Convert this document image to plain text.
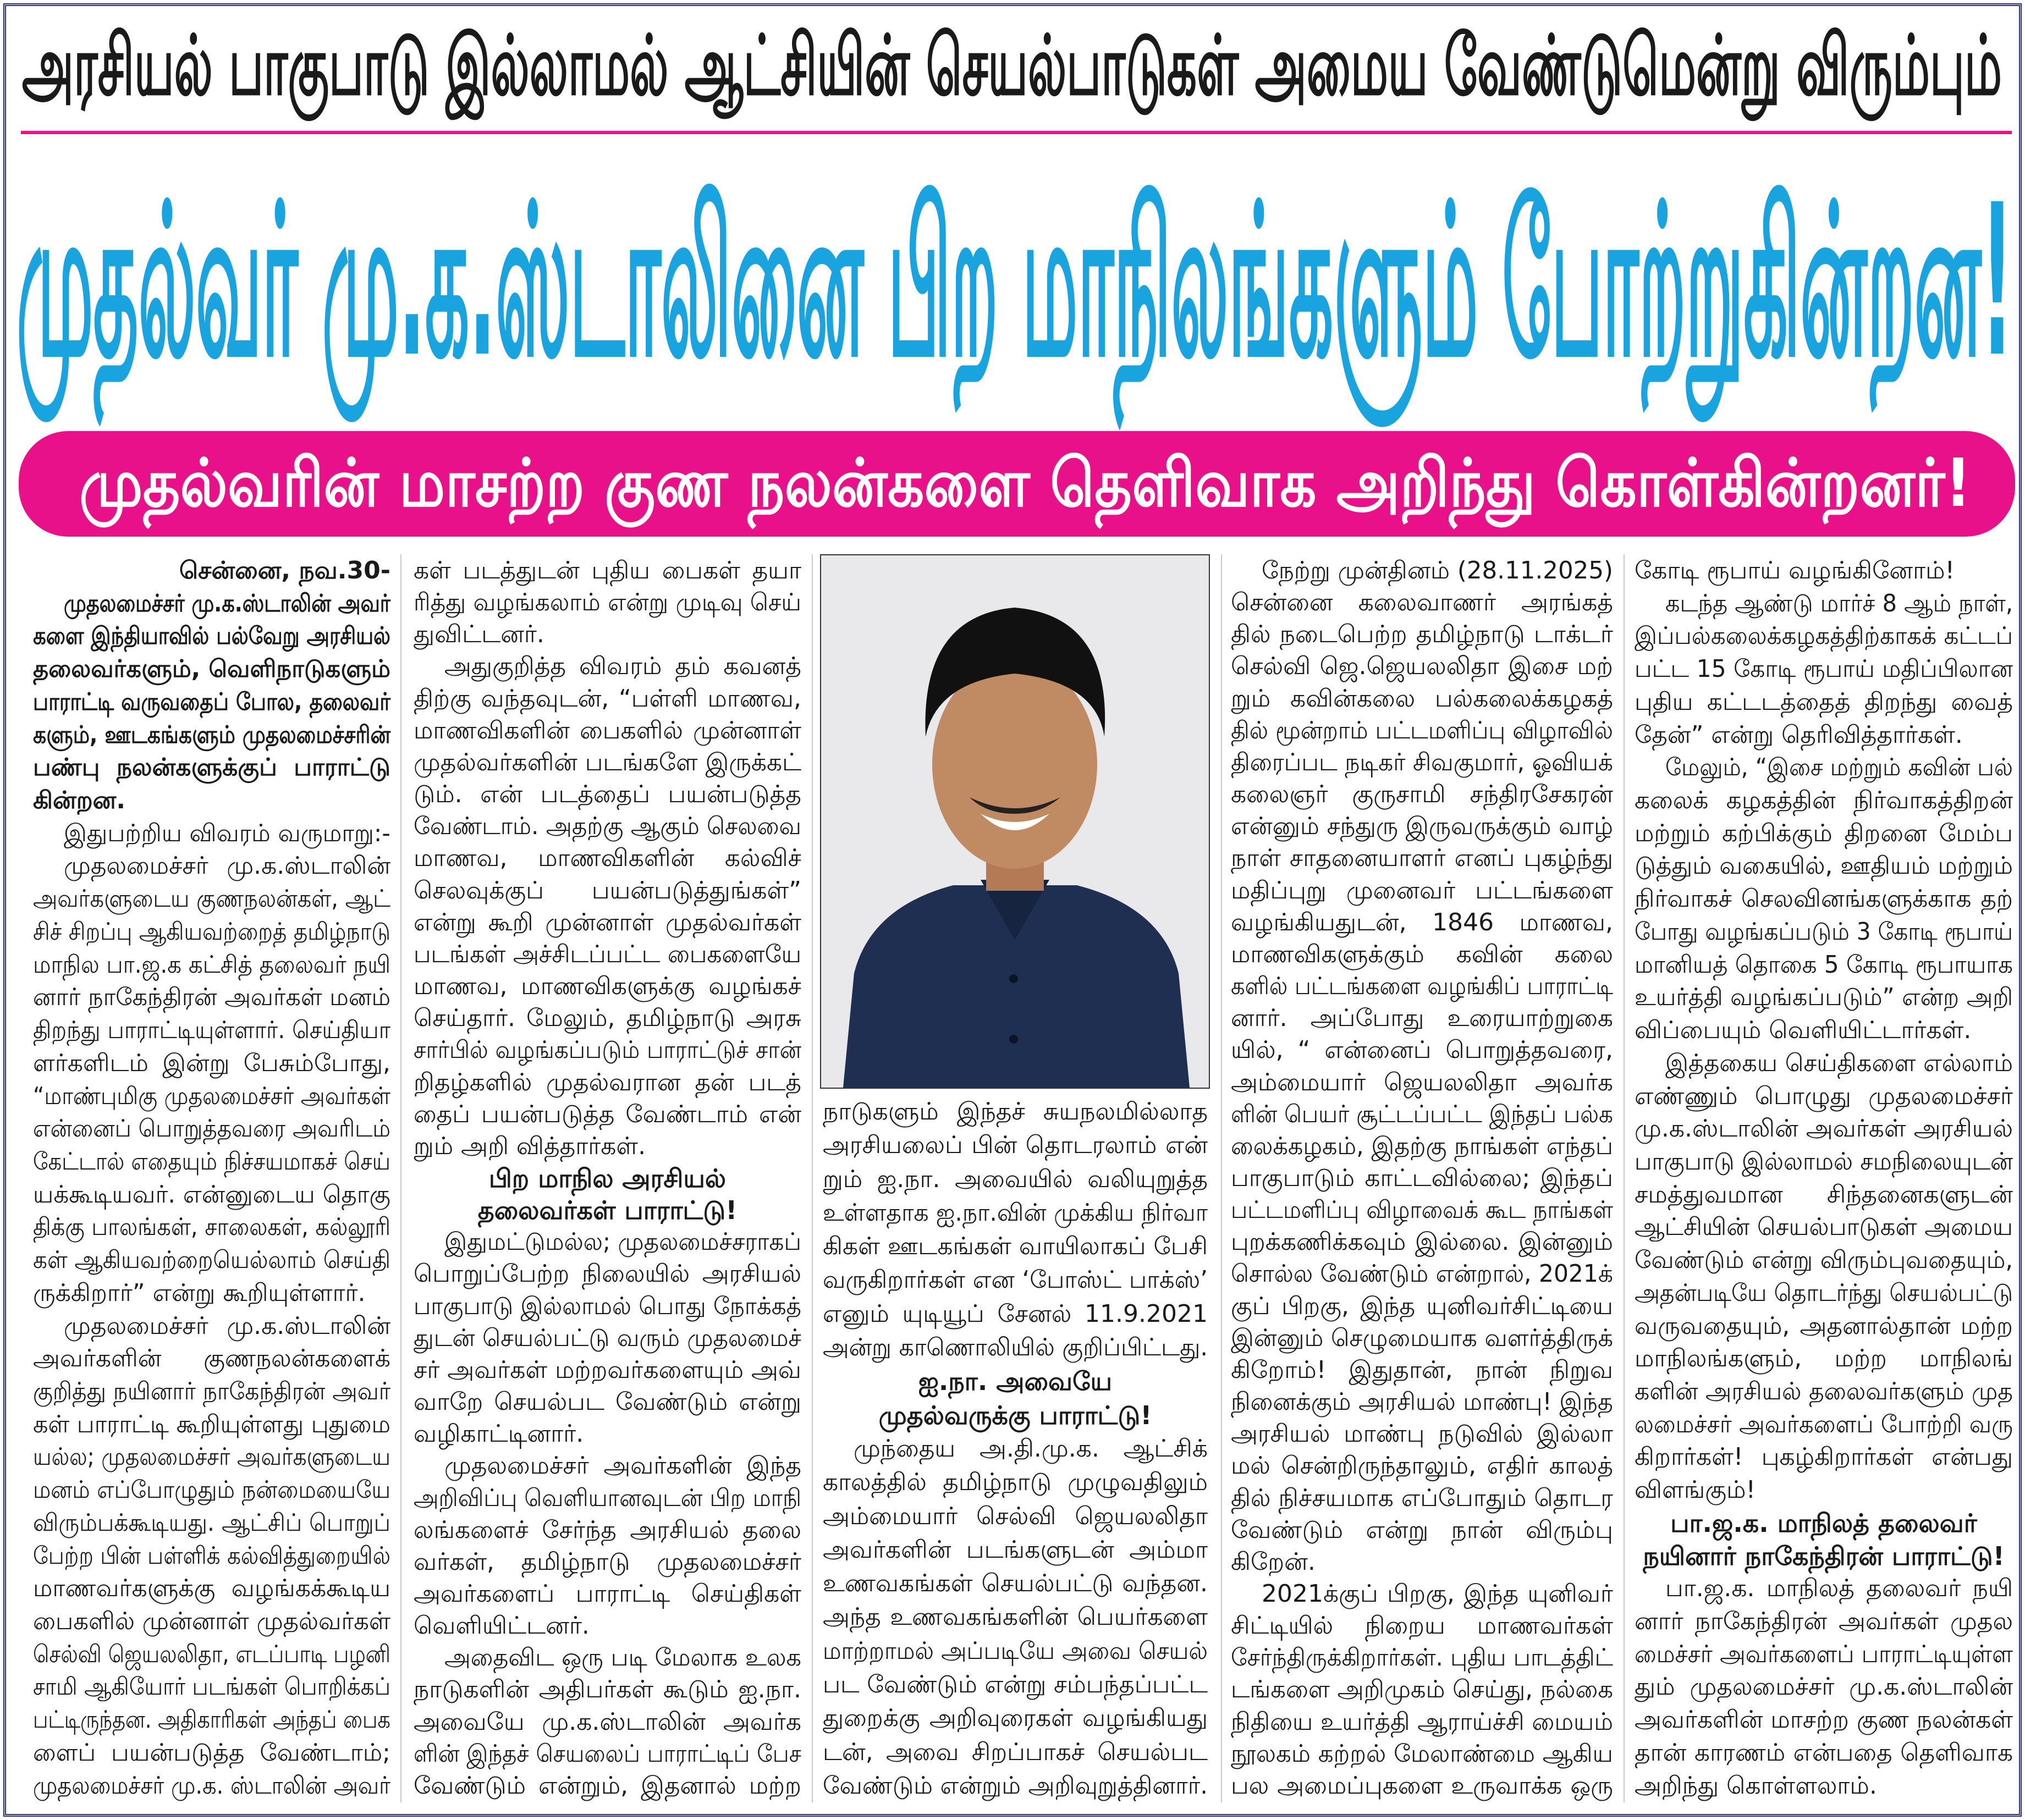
அரசியல் பாகுபாடு இல்லாமல் ஆட்சியின் செயல்பாடுகள் அமைய வேண்டுமென்று விரும்பும்
முதல்வர் மு.க.ஸ்டாலினை பிற மாநிலங்களும் போற்றுகின்றன!
முதல்வரின் மாசற்ற குண நலன்களை தெளிவாக அறிந்து கொள்கின்றனர்!
சென்னை, நவ.30-
முதலமைச்சர் மு.க.ஸ்டாலின் அவர்
களை இந்தியாவில் பல்வேறு அரசியல்
தலைவர்களும், வெளிநாடுகளும்
பாராட்டி வருவதைப் போல, தலைவர்
களும், ஊடகங்களும் முதலமைச்சரின்
பண்பு நலன்களுக்குப் பாராட்டு
கின்றன.
இதுபற்றிய விவரம் வருமாறு:-
முதலமைச்சர் மு.க.ஸ்டாலின்
அவர்களுடைய குணநலன்கள், ஆட்
சிச் சிறப்பு ஆகியவற்றைத் தமிழ்நாடு
மாநில பா.ஜ.க கட்சித் தலைவர் நயி
னார் நாகேந்திரன் அவர்கள் மனம்
திறந்து பாராட்டியுள்ளார். செய்தியா
ளர்களிடம் இன்று பேசும்போது,
“மாண்புமிகு முதலமைச்சர் அவர்கள்
என்னைப் பொறுத்தவரை அவரிடம்
கேட்டால் எதையும் நிச்சயமாகச் செய்
யக்கூடியவர். என்னுடைய தொகு
திக்கு பாலங்கள், சாலைகள், கல்லூரி
கள் ஆகியவற்றையெல்லாம் செய்தி
ருக்கிறார்” என்று கூறியுள்ளார்.
முதலமைச்சர் மு.க.ஸ்டாலின்
அவர்களின் குணநலன்களைக்
குறித்து நயினார் நாகேந்திரன் அவர்
கள் பாராட்டி கூறியுள்ளது புதுமை
யல்ல; முதலமைச்சர் அவர்களுடைய
மனம் எப்போழுதும் நன்மையையே
விரும்பக்கூடியது. ஆட்சிப் பொறுப்
பேற்ற பின் பள்ளிக் கல்வித்துறையில்
மாணவர்களுக்கு வழங்கக்கூடிய
பைகளில் முன்னாள் முதல்வர்கள்
செல்வி ஜெயலலிதா, எடப்பாடி பழனி
சாமி ஆகியோர் படங்கள் பொறிக்கப்
பட்டிருந்தன. அதிகாரிகள் அந்தப் பைக
ளைப் பயன்படுத்த வேண்டாம்;
முதலமைச்சர் மு.க. ஸ்டாலின் அவர்
கள் படத்துடன் புதிய பைகள் தயா
ரித்து வழங்கலாம் என்று முடிவு செய்
துவிட்டனர்.
அதுகுறித்த விவரம் தம் கவனத்
திற்கு வந்தவுடன், “பள்ளி மாணவ,
மாணவிகளின் பைகளில் முன்னாள்
முதல்வர்களின் படங்களே இருக்கட்
டும். என் படத்தைப் பயன்படுத்த
வேண்டாம். அதற்கு ஆகும் செலவை
மாணவ, மாணவிகளின் கல்விச்
செலவுக்குப் பயன்படுத்துங்கள்”
என்று கூறி முன்னாள் முதல்வர்கள்
படங்கள் அச்சிடப்பட்ட பைகளையே
மாணவ, மாணவிகளுக்கு வழங்கச்
செய்தார். மேலும், தமிழ்நாடு அரசு
சார்பில் வழங்கப்படும் பாராட்டுச் சான்
றிதழ்களில் முதல்வரான தன் படத்
தைப் பயன்படுத்த வேண்டாம் என்
றும் அறி வித்தார்கள்.
பிற மாநில அரசியல்
தலைவர்கள் பாராட்டு!
இதுமட்டுமல்ல; முதலமைச்சராகப்
பொறுப்பேற்ற நிலையில் அரசியல்
பாகுபாடு இல்லாமல் பொது நோக்கத்
துடன் செயல்பட்டு வரும் முதலமைச்
சர் அவர்கள் மற்றவர்களையும் அவ்
வாறே செயல்பட வேண்டும் என்று
வழிகாட்டினார்.
முதலமைச்சர் அவர்களின் இந்த
அறிவிப்பு வெளியானவுடன் பிற மாநி
லங்களைச் சேர்ந்த அரசியல் தலை
வர்கள், தமிழ்நாடு முதலமைச்சர்
அவர்களைப் பாராட்டி செய்திகள்
வெளியிட்டனர்.
அதைவிட ஒரு படி மேலாக உலக
நாடுகளின் அதிபர்கள் கூடும் ஐ.நா.
அவையே மு.க.ஸ்டாலின் அவர்க
ளின் இந்தச் செயலைப் பாராட்டிப் பேச
வேண்டும் என்றும், இதனால் மற்ற
நாடுகளும் இந்தச் சுயநலமில்லாத
அரசியலைப் பின் தொடரலாம் என்
றும் ஐ.நா. அவையில் வலியுறுத்த
உள்ளதாக ஐ.நா.வின் முக்கிய நிர்வா
கிகள் ஊடகங்கள் வாயிலாகப் பேசி
வருகிறார்கள் என ‘போஸ்ட் பாக்ஸ்’
எனும் யுடியூப் சேனல் 11.9.2021
அன்று காணொலியில் குறிப்பிட்டது.
ஐ.நா. அவையே
முதல்வருக்கு பாராட்டு!
முந்தைய அ.தி.மு.க. ஆட்சிக்
காலத்தில் தமிழ்நாடு முழுவதிலும்
அம்மையார் செல்வி ஜெயலலிதா
அவர்களின் படங்களுடன் அம்மா
உணவகங்கள் செயல்பட்டு வந்தன.
அந்த உணவகங்களின் பெயர்களை
மாற்றாமல் அப்படியே அவை செயல்
பட வேண்டும் என்று சம்பந்தப்பட்ட
துறைக்கு அறிவுரைகள் வழங்கியது
டன், அவை சிறப்பாகச் செயல்பட
வேண்டும் என்றும் அறிவுறுத்தினார்.
நேற்று முன்தினம் (28.11.2025)
சென்னை கலைவாணர் அரங்கத்
தில் நடைபெற்ற தமிழ்நாடு டாக்டர்
செல்வி ஜெ.ஜெயலலிதா இசை மற்
றும் கவின்கலை பல்கலைக்கழகத்
தில் மூன்றாம் பட்டமளிப்பு விழாவில்
திரைப்பட நடிகர் சிவகுமார், ஓவியக்
கலைஞர் குருசாமி சந்திரசேகரன்
என்னும் சந்துரு இருவருக்கும் வாழ்
நாள் சாதனையாளர் எனப் புகழ்ந்து
மதிப்புறு முனைவர் பட்டங்களை
வழங்கியதுடன், 1846 மாணவ,
மாணவிகளுக்கும் கவின் கலை
களில் பட்டங்களை வழங்கிப் பாராட்டி
னார். அப்போது உரையாற்றுகை
யில், “ என்னைப் பொறுத்தவரை,
அம்மையார் ஜெயலலிதா அவர்க
ளின் பெயர் சூட்டப்பட்ட இந்தப் பல்க
லைக்கழகம், இதற்கு நாங்கள் எந்தப்
பாகுபாடும் காட்டவில்லை; இந்தப்
பட்டமளிப்பு விழாவைக் கூட நாங்கள்
புறக்கணிக்கவும் இல்லை. இன்னும்
சொல்ல வேண்டும் என்றால், 2021க்
குப் பிறகு, இந்த யுனிவர்சிட்டியை
இன்னும் செழுமையாக வளர்த்திருக்
கிறோம்! இதுதான், நான் நிறுவ
நினைக்கும் அரசியல் மாண்பு! இந்த
அரசியல் மாண்பு நடுவில் இல்லா
மல் சென்றிருந்தாலும், எதிர் காலத்
தில் நிச்சயமாக எப்போதும் தொடர
வேண்டும் என்று நான் விரும்பு
கிறேன்.
2021க்குப் பிறகு, இந்த யுனிவர்
சிட்டியில் நிறைய மாணவர்கள்
சேர்ந்திருக்கிறார்கள். புதிய பாடத்திட்
டங்களை அறிமுகம் செய்து, நல்கை
நிதியை உயர்த்தி ஆராய்ச்சி மையம்
நூலகம் கற்றல் மேலாண்மை ஆகிய
பல அமைப்புகளை உருவாக்க ஒரு
கோடி ரூபாய் வழங்கினோம்!
கடந்த ஆண்டு மார்ச் 8 ஆம் நாள்,
இப்பல்கலைக்கழகத்திற்காகக் கட்டப்
பட்ட 15 கோடி ரூபாய் மதிப்பிலான
புதிய கட்டடத்தைத் திறந்து வைத்
தேன்” என்று தெரிவித்தார்கள்.
மேலும், “இசை மற்றும் கவின் பல்
கலைக் கழகத்தின் நிர்வாகத்திறன்
மற்றும் கற்பிக்கும் திறனை மேம்ப
டுத்தும் வகையில், ஊதியம் மற்றும்
நிர்வாகச் செலவினங்களுக்காக தற்
போது வழங்கப்படும் 3 கோடி ரூபாய்
மானியத் தொகை 5 கோடி ரூபாயாக
உயர்த்தி வழங்கப்படும்” என்ற அறி
விப்பையும் வெளியிட்டார்கள்.
இத்தகைய செய்திகளை எல்லாம்
எண்ணும் பொழுது முதலமைச்சர்
மு.க.ஸ்டாலின் அவர்கள் அரசியல்
பாகுபாடு இல்லாமல் சமநிலையுடன்
சமத்துவமான சிந்தனைகளுடன்
ஆட்சியின் செயல்பாடுகள் அமைய
வேண்டும் என்று விரும்புவதையும்,
அதன்படியே தொடர்ந்து செயல்பட்டு
வருவதையும், அதனால்தான் மற்ற
மாநிலங்களும், மற்ற மாநிலங்
களின் அரசியல் தலைவர்களும் முத
லமைச்சர் அவர்களைப் போற்றி வரு
கிறார்கள்! புகழ்கிறார்கள் என்பது
விளங்கும்!
பா.ஜ.க. மாநிலத் தலைவர்
நயினார் நாகேந்திரன் பாராட்டு!
பா.ஜ.க. மாநிலத் தலைவர் நயி
னார் நாகேந்திரன் அவர்கள் முதல
மைச்சர் அவர்களைப் பாராட்டியுள்ள
தும் முதலமைச்சர் மு.க.ஸ்டாலின்
அவர்களின் மாசற்ற குண நலன்கள்
தான் காரணம் என்பதை தெளிவாக
அறிந்து கொள்ளலாம்.
